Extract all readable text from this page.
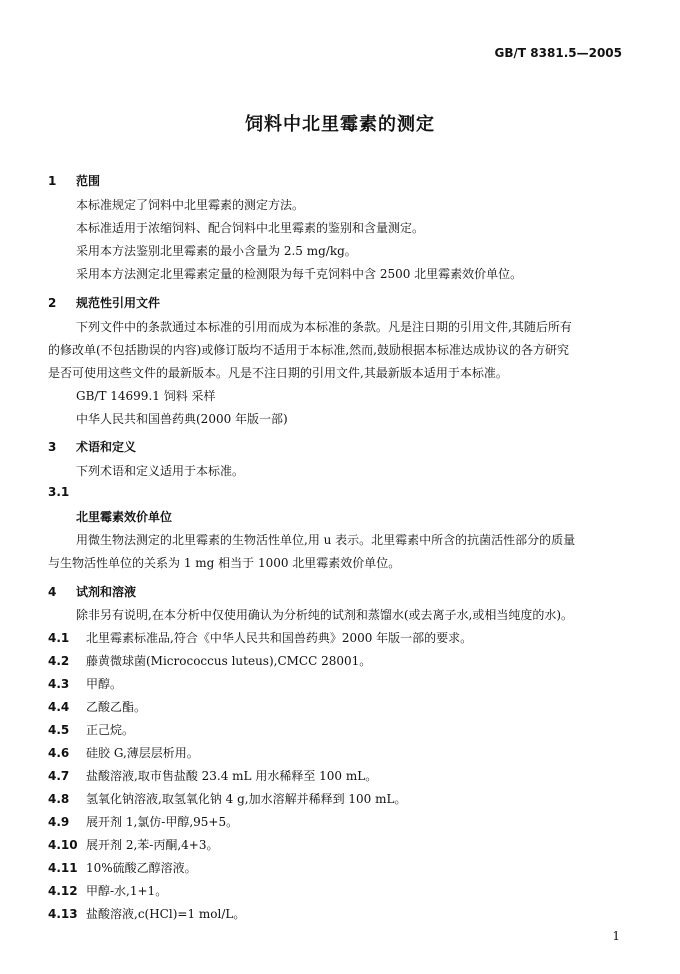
GB/T 8381.5—2005
饲料中北里霉素的测定
1 范围
本标准规定了饲料中北里霉素的测定方法。
本标准适用于浓缩饲料、配合饲料中北里霉素的鉴别和含量测定。
采用本方法鉴别北里霉素的最小含量为 2.5 mg/kg。
采用本方法测定北里霉素定量的检测限为每千克饲料中含 2500 北里霉素效价单位。
2 规范性引用文件
下列文件中的条款通过本标准的引用而成为本标准的条款。凡是注日期的引用文件,其随后所有
的修改单(不包括勘误的内容)或修订版均不适用于本标准,然而,鼓励根据本标准达成协议的各方研究
是否可使用这些文件的最新版本。凡是不注日期的引用文件,其最新版本适用于本标准。
GB/T 14699.1 饲料 采样
中华人民共和国兽药典(2000 年版一部)
3 术语和定义
下列术语和定义适用于本标准。
3.1
北里霉素效价单位
用微生物法测定的北里霉素的生物活性单位,用 u 表示。北里霉素中所含的抗菌活性部分的质量
与生物活性单位的关系为 1 mg 相当于 1000 北里霉素效价单位。
4 试剂和溶液
除非另有说明,在本分析中仅使用确认为分析纯的试剂和蒸馏水(或去离子水,或相当纯度的水)。
4.1 北里霉素标准品,符合《中华人民共和国兽药典》2000 年版一部的要求。
4.2 藤黄微球菌(Micrococcus luteus),CMCC 28001。
4.3 甲醇。
4.4 乙酸乙酯。
4.5 正己烷。
4.6 硅胶 G,薄层层析用。
4.7 盐酸溶液,取市售盐酸 23.4 mL 用水稀释至 100 mL。
4.8 氢氧化钠溶液,取氢氧化钠 4 g,加水溶解并稀释到 100 mL。
4.9 展开剂 1,氯仿-甲醇,95+5。
4.10 展开剂 2,苯-丙酮,4+3。
4.11 10%硫酸乙醇溶液。
4.12 甲醇-水,1+1。
4.13 盐酸溶液,c(HCl)=1 mol/L。
1
